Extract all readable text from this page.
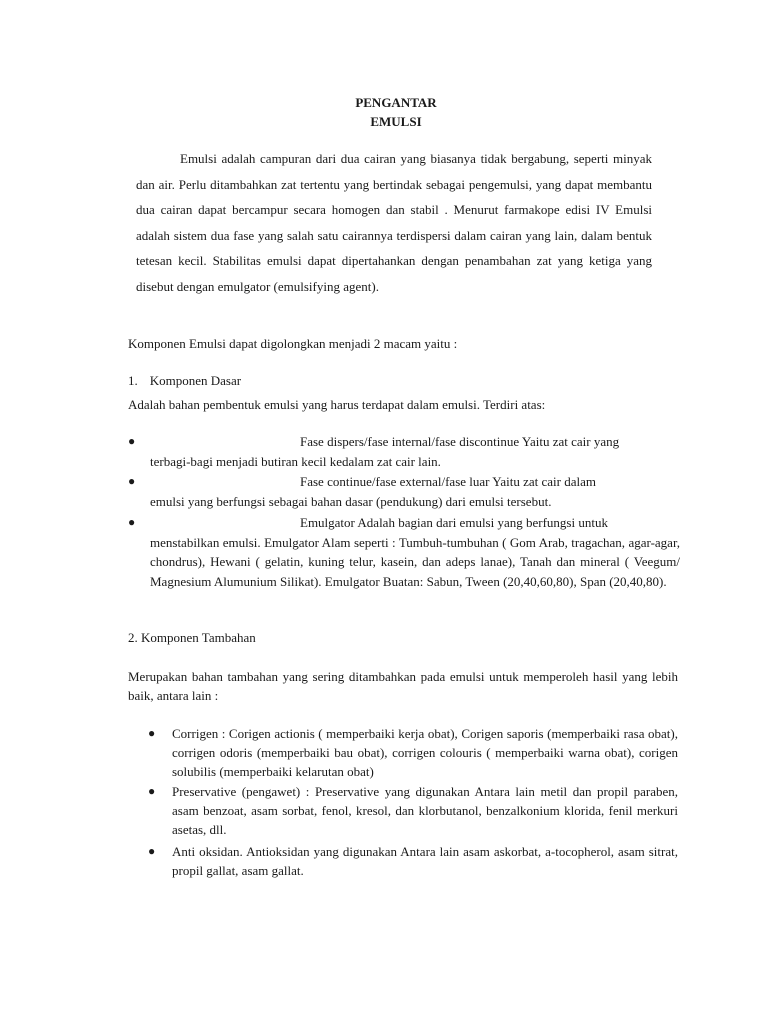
PENGANTAR
EMULSI
Emulsi adalah campuran dari dua cairan yang biasanya tidak bergabung, seperti minyak dan air. Perlu ditambahkan zat tertentu yang bertindak sebagai pengemulsi, yang dapat membantu dua cairan dapat bercampur secara homogen dan stabil . Menurut farmakope edisi IV Emulsi adalah sistem dua fase yang salah satu cairannya terdispersi dalam cairan yang lain, dalam bentuk tetesan kecil. Stabilitas emulsi dapat dipertahankan dengan penambahan zat yang ketiga yang disebut dengan emulgator (emulsifying agent).
Komponen Emulsi dapat digolongkan menjadi 2 macam yaitu :
1. Komponen Dasar
Adalah bahan pembentuk emulsi yang harus terdapat dalam emulsi. Terdiri atas:
●	Fase dispers/fase internal/fase discontinue Yaitu zat cair yang
terbagi-bagi menjadi butiran kecil kedalam zat cair lain.
●	Fase continue/fase external/fase luar Yaitu zat cair dalam
emulsi yang berfungsi sebagai bahan dasar (pendukung) dari emulsi tersebut.
●	Emulgator Adalah bagian dari emulsi yang berfungsi untuk
menstabilkan emulsi. Emulgator Alam seperti : Tumbuh-tumbuhan ( Gom Arab, tragachan, agar-agar, chondrus), Hewani ( gelatin, kuning telur, kasein, dan adeps lanae), Tanah dan mineral ( Veegum/ Magnesium Alumunium Silikat). Emulgator Buatan: Sabun, Tween (20,40,60,80), Span (20,40,80).
2. Komponen Tambahan
Merupakan bahan tambahan yang sering ditambahkan pada emulsi untuk memperoleh hasil yang lebih baik, antara lain :
● Corrigen : Corigen actionis ( memperbaiki kerja obat), Corigen saporis (memperbaiki rasa obat), corrigen odoris (memperbaiki bau obat), corrigen colouris ( memperbaiki warna obat), corigen solubilis (memperbaiki kelarutan obat)
● Preservative (pengawet) : Preservative yang digunakan Antara lain metil dan propil paraben, asam benzoat, asam sorbat, fenol, kresol, dan klorbutanol, benzalkonium klorida, fenil merkuri asetas, dll.
● Anti oksidan. Antioksidan yang digunakan Antara lain asam askorbat, a-tocopherol, asam sitrat, propil gallat, asam gallat.
